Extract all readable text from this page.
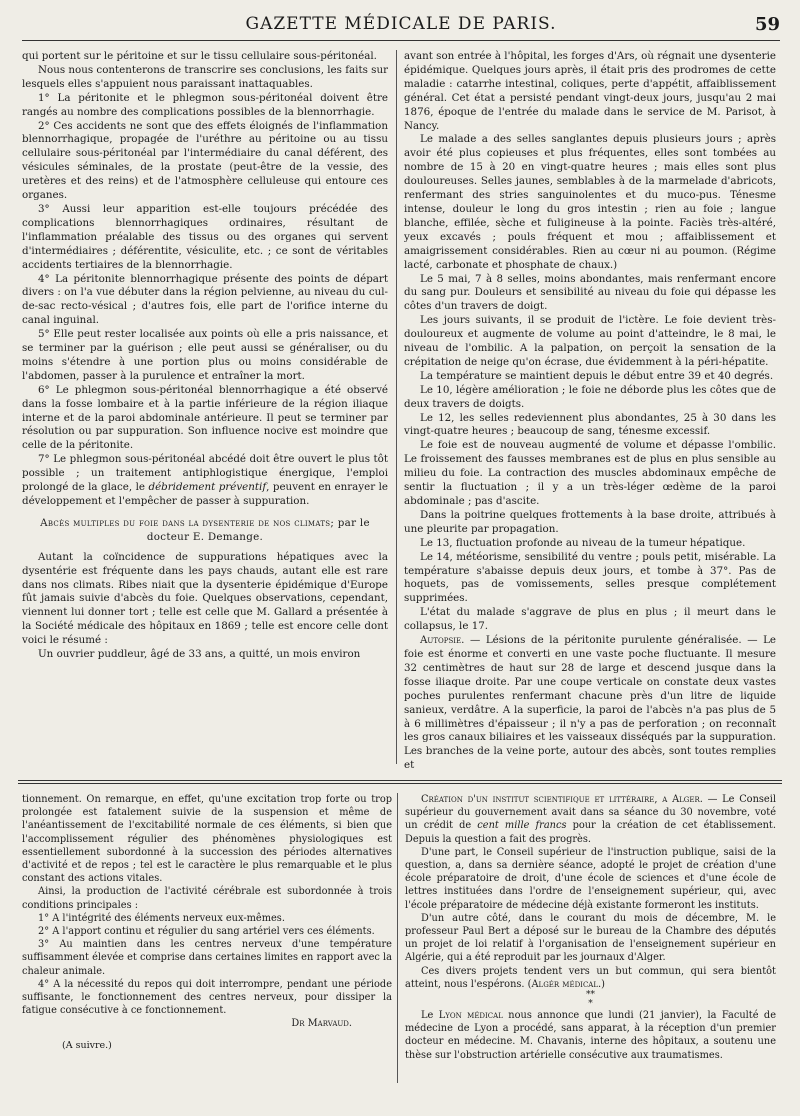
GAZETTE MÉDICALE DE PARIS.	59

qui portent sur le péritoine et sur le tissu cellulaire sous-péritonéal.

Nous nous contenterons de transcrire ses conclusions, les faits sur lesquels elles s'appuient nous paraissant inattaquables.

1° La péritonite et le phlegmon sous-péritonéal doivent être rangés au nombre des complications possibles de la blennorrhagie.

2° Ces accidents ne sont que des effets éloignés de l'inflammation blennorrhagique, propagée de l'uréthre au péritoine ou au tissu cellulaire sous-péritonéal par l'intermédiaire du canal déférent, des vésicules séminales, de la prostate (peut-être de la vessie, des uretères et des reins) et de l'atmosphère celluleuse qui entoure ces organes.

3° Aussi leur apparition est-elle toujours précédée des complications blennorrhagiques ordinaires, résultant de l'inflammation préalable des tissus ou des organes qui servent d'intermédiaires ; déférentite, vésiculite, etc. ; ce sont de véritables accidents tertiaires de la blennorrhagie.

4° La péritonite blennorrhagique présente des points de départ divers : on l'a vue débuter dans la région pelvienne, au niveau du cul-de-sac recto-vésical ; d'autres fois, elle part de l'orifice interne du canal inguinal.

5° Elle peut rester localisée aux points où elle a pris naissance, et se terminer par la guérison ; elle peut aussi se généraliser, ou du moins s'étendre à une portion plus ou moins considérable de l'abdomen, passer à la purulence et entraîner la mort.

6° Le phlegmon sous-péritonéal blennorrhagique a été observé dans la fosse lombaire et à la partie inférieure de la région iliaque interne et de la paroi abdominale antérieure. Il peut se terminer par résolution ou par suppuration. Son influence nocive est moindre que celle de la péritonite.

7° Le phlegmon sous-péritonéal abcédé doit être ouvert le plus tôt possible ; un traitement antiphlogistique énergique, l'emploi prolongé de la glace, le débridement préventif, peuvent en enrayer le développement et l'empêcher de passer à suppuration.

Abcès multiples du foie dans la dysenterie de nos climats; par le docteur E. Demange.

Autant la coïncidence de suppurations hépatiques avec la dysentérie est fréquente dans les pays chauds, autant elle est rare dans nos climats. Ribes niait que la dysenterie épidémique d'Europe fût jamais suivie d'abcès du foie. Quelques observations, cependant, viennent lui donner tort ; telle est celle que M. Gallard a présentée à la Société médicale des hôpitaux en 1869 ; telle est encore celle dont voici le résumé :

Un ouvrier puddleur, âgé de 33 ans, a quitté, un mois environ

avant son entrée à l'hôpital, les forges d'Ars, où régnait une dysenterie épidémique. Quelques jours après, il était pris des prodromes de cette maladie : catarrhe intestinal, coliques, perte d'appétit, affaiblissement général. Cet état a persisté pendant vingt-deux jours, jusqu'au 2 mai 1876, époque de l'entrée du malade dans le service de M. Parisot, à Nancy.

Le malade a des selles sanglantes depuis plusieurs jours ; après avoir été plus copieuses et plus fréquentes, elles sont tombées au nombre de 15 à 20 en vingt-quatre heures ; mais elles sont plus douloureuses. Selles jaunes, semblables à de la marmelade d'abricots, renfermant des stries sanguinolentes et du muco-pus. Ténesme intense, douleur le long du gros intestin ; rien au foie ; langue blanche, effilée, sèche et fuligineuse à la pointe. Faciès très-altéré, yeux excavés ; pouls fréquent et mou ; affaiblissement et amaigrissement considérables. Rien au cœur ni au poumon. (Régime lacté, carbonate et phosphate de chaux.)

Le 5 mai, 7 à 8 selles, moins abondantes, mais renfermant encore du sang pur. Douleurs et sensibilité au niveau du foie qui dépasse les côtes d'un travers de doigt.

Les jours suivants, il se produit de l'ictère. Le foie devient très-douloureux et augmente de volume au point d'atteindre, le 8 mai, le niveau de l'ombilic. A la palpation, on perçoit la sensation de la crépitation de neige qu'on écrase, due évidemment à la péri-hépatite.

La température se maintient depuis le début entre 39 et 40 degrés.

Le 10, légère amélioration ; le foie ne déborde plus les côtes que de deux travers de doigts.

Le 12, les selles redeviennent plus abondantes, 25 à 30 dans les vingt-quatre heures ; beaucoup de sang, ténesme excessif.

Le foie est de nouveau augmenté de volume et dépasse l'ombilic. Le froissement des fausses membranes est de plus en plus sensible au milieu du foie. La contraction des muscles abdominaux empêche de sentir la fluctuation ; il y a un très-léger œdème de la paroi abdominale ; pas d'ascite.

Dans la poitrine quelques frottements à la base droite, attribués à une pleurite par propagation.

Le 13, fluctuation profonde au niveau de la tumeur hépatique.

Le 14, météorisme, sensibilité du ventre ; pouls petit, misérable. La température s'abaisse depuis deux jours, et tombe à 37°. Pas de hoquets, pas de vomissements, selles presque complétement supprimées.

L'état du malade s'aggrave de plus en plus ; il meurt dans le collapsus, le 17.

Autopsie. — Lésions de la péritonite purulente généralisée. — Le foie est énorme et converti en une vaste poche fluctuante. Il mesure 32 centimètres de haut sur 28 de large et descend jusque dans la fosse iliaque droite. Par une coupe verticale on constate deux vastes poches purulentes renfermant chacune près d'un litre de liquide sanieux, verdâtre. A la superficie, la paroi de l'abcès n'a pas plus de 5 à 6 millimètres d'épaisseur ; il n'y a pas de perforation ; on reconnaît les gros canaux biliaires et les vaisseaux disséqués par la suppuration. Les branches de la veine porte, autour des abcès, sont toutes remplies et

tionnement. On remarque, en effet, qu'une excitation trop forte ou trop prolongée est fatalement suivie de la suspension et même de l'anéantissement de l'excitabilité normale de ces éléments, si bien que l'accomplissement régulier des phénomènes physiologiques est essentiellement subordonné à la succession des périodes alternatives d'activité et de repos ; tel est le caractère le plus remarquable et le plus constant des actions vitales.

Ainsi, la production de l'activité cérébrale est subordonnée à trois conditions principales :

1° A l'intégrité des éléments nerveux eux-mêmes.

2° A l'apport continu et régulier du sang artériel vers ces éléments.

3° Au maintien dans les centres nerveux d'une température suffisamment élevée et comprise dans certaines limites en rapport avec la chaleur animale.

4° A la nécessité du repos qui doit interrompre, pendant une période suffisante, le fonctionnement des centres nerveux, pour dissiper la fatigue consécutive à ce fonctionnement.

Dr Marvaud.

(A suivre.)

Création d'un institut scientifique et littéraire, a Alger. — Le Conseil supérieur du gouvernement avait dans sa séance du 30 novembre, voté un crédit de cent mille francs pour la création de cet établissement. Depuis la question a fait des progrès.

D'une part, le Conseil supérieur de l'instruction publique, saisi de la question, a, dans sa dernière séance, adopté le projet de création d'une école préparatoire de droit, d'une école de sciences et d'une école de lettres instituées dans l'ordre de l'enseignement supérieur, qui, avec l'école préparatoire de médecine déjà existante formeront les instituts.

D'un autre côté, dans le courant du mois de décembre, M. le professeur Paul Bert a déposé sur le bureau de la Chambre des députés un projet de loi relatif à l'organisation de l'enseignement supérieur en Algérie, qui a été reproduit par les journaux d'Alger.

Ces divers projets tendent vers un but commun, qui sera bientôt atteint, nous l'espérons. (Algér médical.)

**
*

Le Lyon médical nous annonce que lundi (21 janvier), la Faculté de médecine de Lyon a procédé, sans apparat, à la réception d'un premier docteur en médecine. M. Chavanis, interne des hôpitaux, a soutenu une thèse sur l'obstruction artérielle consécutive aux traumatismes.
